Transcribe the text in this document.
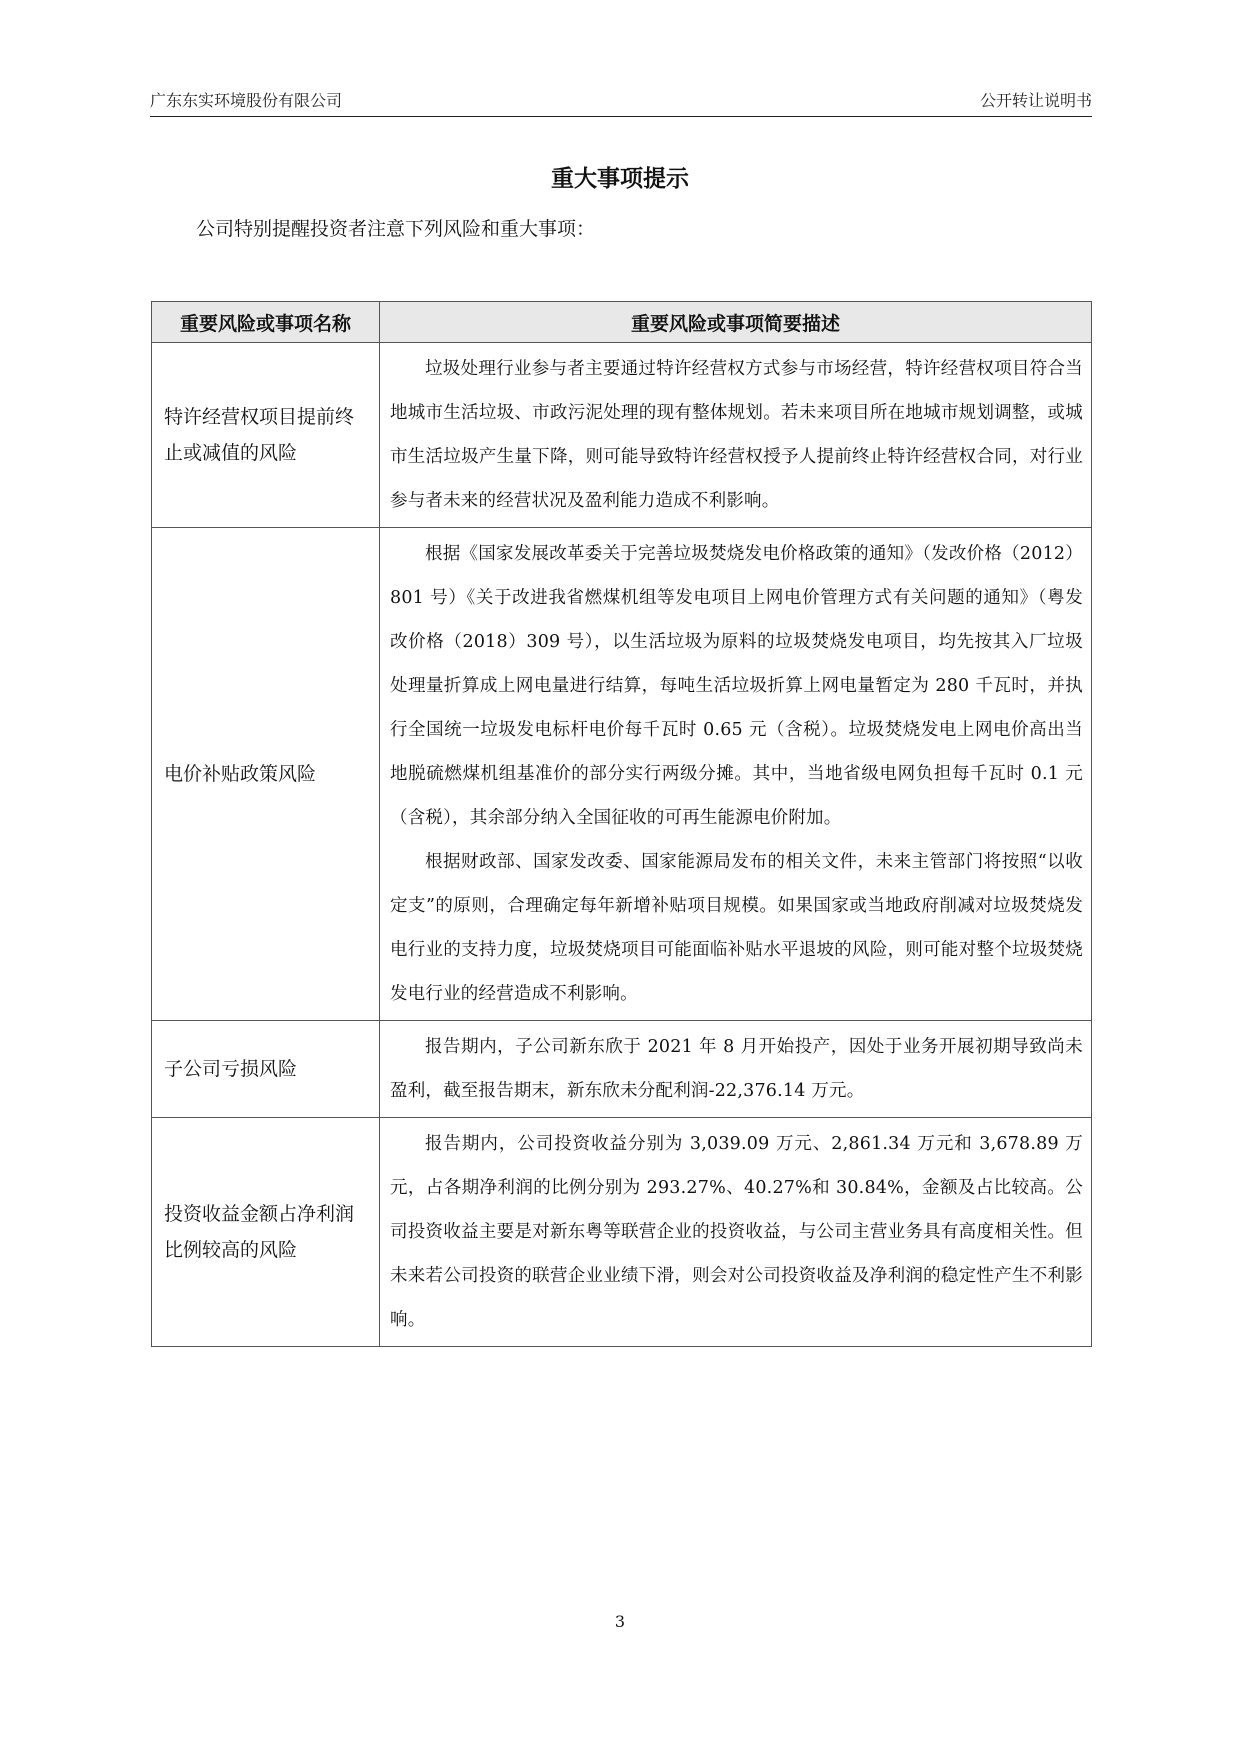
广东东实环境股份有限公司	公开转让说明书
重大事项提示
公司特别提醒投资者注意下列风险和重大事项：
重要风险或事项名称	重要风险或事项简要描述
特许经营权项目提前终止或减值的风险	垃圾处理行业参与者主要通过特许经营权方式参与市场经营，特许经营权项目符合当地城市生活垃圾、市政污泥处理的现有整体规划。若未来项目所在地城市规划调整，或城市生活垃圾产生量下降，则可能导致特许经营权授予人提前终止特许经营权合同，对行业参与者未来的经营状况及盈利能力造成不利影响。

电价补贴政策风险	根据《国家发展改革委关于完善垃圾焚烧发电价格政策的通知》（发改价格（2012）801 号）《关于改进我省燃煤机组等发电项目上网电价管理方式有关问题的通知》（粤发改价格（2018）309 号），以生活垃圾为原料的垃圾焚烧发电项目，均先按其入厂垃圾处理量折算成上网电量进行结算，每吨生活垃圾折算上网电量暂定为 280 千瓦时，并执行全国统一垃圾发电标杆电价每千瓦时 0.65 元（含税）。垃圾焚烧发电上网电价高出当地脱硫燃煤机组基准价的部分实行两级分摊。其中，当地省级电网负担每千瓦时 0.1 元（含税），其余部分纳入全国征收的可再生能源电价附加。

根据财政部、国家发改委、国家能源局发布的相关文件，未来主管部门将按照“以收定支”的原则，合理确定每年新增补贴项目规模。如果国家或当地政府削减对垃圾焚烧发电行业的支持力度，垃圾焚烧项目可能面临补贴水平退坡的风险，则可能对整个垃圾焚烧发电行业的经营造成不利影响。

子公司亏损风险	报告期内，子公司新东欣于 2021 年 8 月开始投产，因处于业务开展初期导致尚未盈利，截至报告期末，新东欣未分配利润-22,376.14 万元。

投资收益金额占净利润比例较高的风险	报告期内，公司投资收益分别为 3,039.09 万元、2,861.34 万元和 3,678.89 万元，占各期净利润的比例分别为 293.27%、40.27%和 30.84%，金额及占比较高。公司投资收益主要是对新东粤等联营企业的投资收益，与公司主营业务具有高度相关性。但未来若公司投资的联营企业业绩下滑，则会对公司投资收益及净利润的稳定性产生不利影响。

3
